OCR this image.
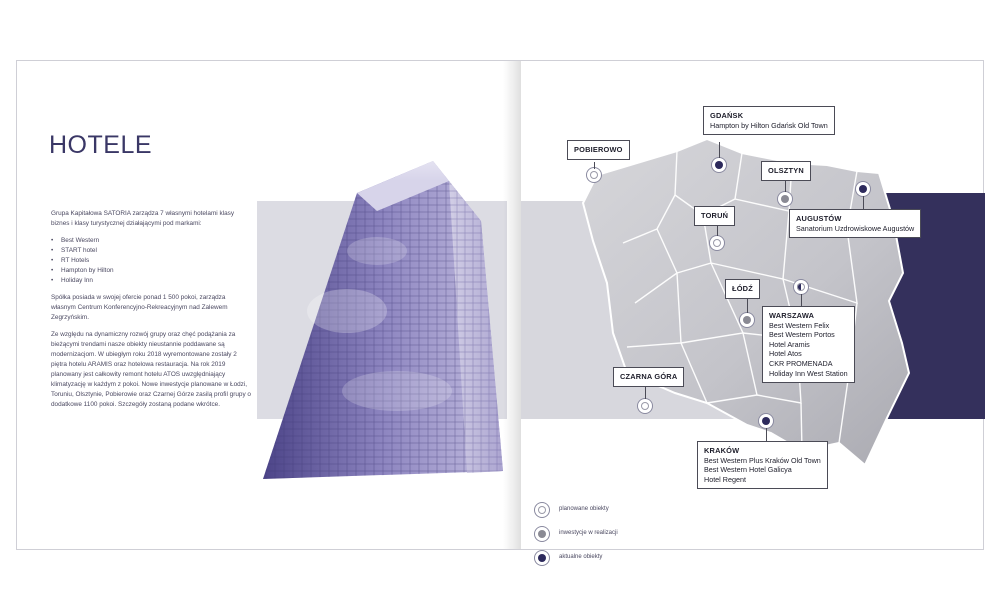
HOTELE

Grupa Kapitałowa SATORIA zarządza 7 własnymi hotelami klasy biznes i klasy turystycznej działającymi pod markami:

• Best Western
• START hotel
• RT Hotels
• Hampton by Hilton
• Holiday Inn

Spółka posiada w swojej ofercie ponad 1 500 pokoi, zarządza własnym Centrum Konferencyjno-Rekreacyjnym nad Zalewem Zegrzyńskim.

Ze względu na dynamiczny rozwój grupy oraz chęć podążania za bieżącymi trendami nasze obiekty nieustannie poddawane są modernizacjom. W ubiegłym roku 2018 wyremontowane zostały 2 piętra hotelu ARAMIS oraz hotelowa restauracja. Na rok 2019 planowany jest całkowity remont hotelu ATOS uwzględniający klimatyzację w każdym z pokoi. Nowe inwestycje planowane w Łodzi, Toruniu, Olsztynie, Pobierowie oraz Czarnej Górze zasilą profil grupy o dodatkowe 1100 pokoi. Szczegóły zostaną podane wkrótce.

GDAŃSK
Hampton by Hilton Gdańsk Old Town
POBIEROWO
OLSZTYN
AUGUSTÓW
Sanatorium Uzdrowiskowe Augustów
TORUŃ
ŁÓDŹ
WARSZAWA
Best Western Felix
Best Western Portos
Hotel Aramis
Hotel Atos
CKR PROMENADA
Holiday Inn West Station
CZARNA GÓRA
KRAKÓW
Best Western Plus Kraków Old Town
Best Western Hotel Galicya
Hotel Regent
planowane obiekty
inwestycje w realizacji
aktualne obiekty
